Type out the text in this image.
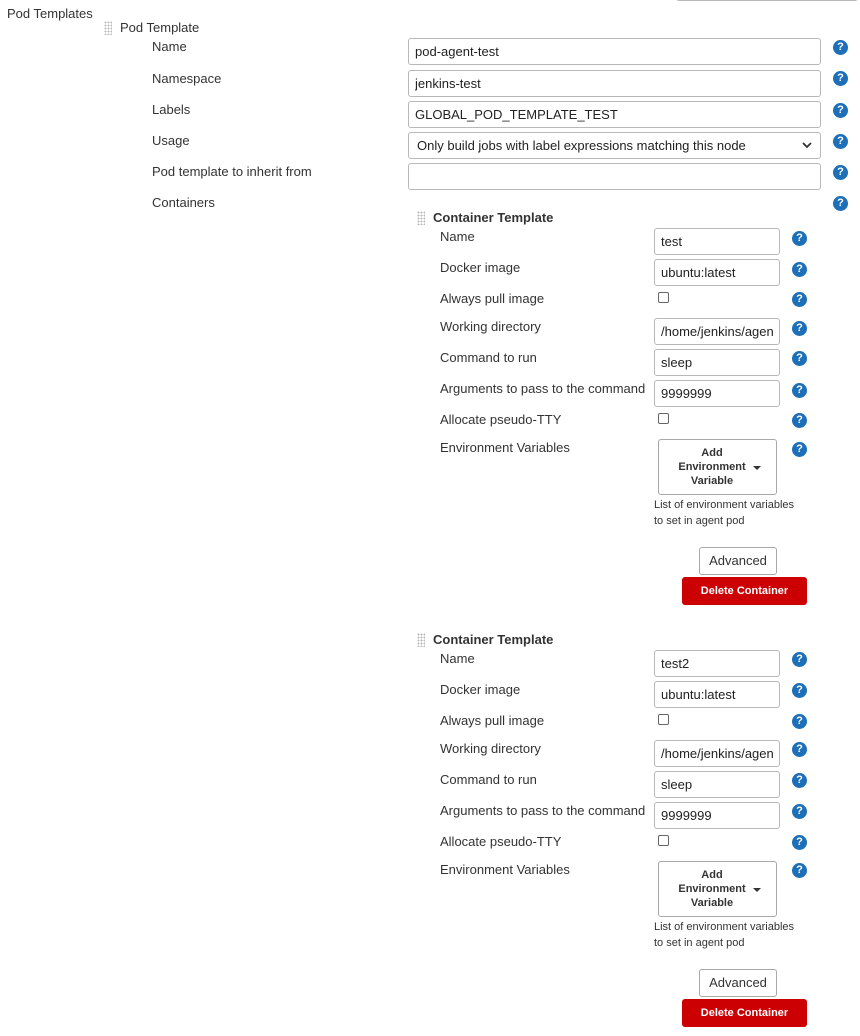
Pod Templates
Pod Template
Name
pod-agent-test	?
Namespace
jenkins-test	?
Labels
GLOBAL_POD_TEMPLATE_TEST	?
Usage	Only build jobs with label expressions matching this node	?
Pod template to inherit from	?
Containers	?
Container Template
Name
test	?
Docker image
ubuntu:latest	?
Always pull image	?
Working directory
/home/jenkins/agent	?
Command to run
sleep	?
Arguments to pass to the command
9999999	?
Allocate pseudo-TTY	?
Environment Variables	Add Environment Variable
?
List of environment variables to set in agent pod
Advanced
Delete Container
Container Template
Name
test2	?
Docker image
ubuntu:latest	?
Always pull image	?
Working directory
/home/jenkins/agent	?
Command to run
sleep	?
Arguments to pass to the command
9999999	?
Allocate pseudo-TTY	?
Environment Variables	Add Environment Variable
?
List of environment variables to set in agent pod
Advanced
Delete Container
